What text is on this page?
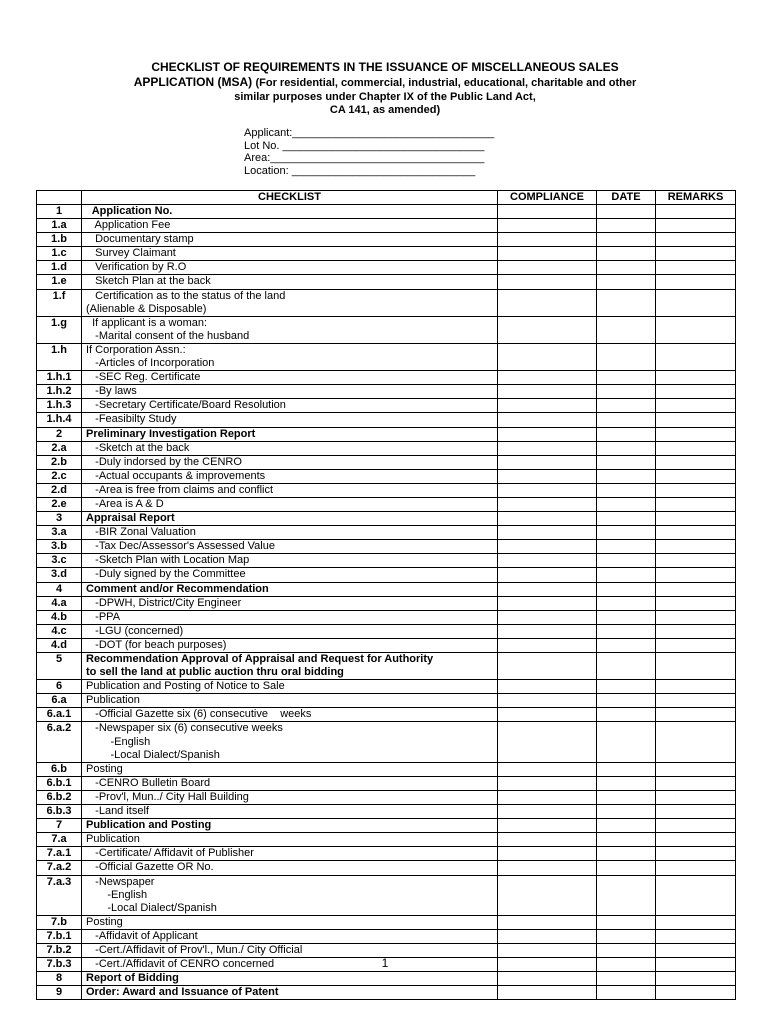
CHECKLIST OF REQUIREMENTS IN THE ISSUANCE OF MISCELLANEOUS SALES
APPLICATION (MSA) (For residential, commercial, industrial, educational, charitable and other
similar purposes under Chapter IX of the Public Land Act,
CA 141, as amended)
Applicant:_________________________________
Lot No. _________________________________
Area:___________________________________
Location: ______________________________
	CHECKLIST	COMPLIANCE	DATE	REMARKS

1	Application No.			

1.a	Application Fee			

1.b	Documentary stamp			

1.c	Survey Claimant			

1.d	Verification by R.O			

1.e	Sketch Plan at the back			

1.f	Certification as to the status of the land
(Alienable & Disposable)			

1.g	If applicant is a woman:
-Marital consent of the husband			

1.h	If Corporation Assn.:
-Articles of Incorporation			

1.h.1	-SEC Reg. Certificate			

1.h.2	-By laws			

1.h.3	-Secretary Certificate/Board Resolution			

1.h.4	-Feasibilty Study			

2	Preliminary Investigation Report			

2.a	-Sketch at the back			

2.b	-Duly indorsed by the CENRO			

2.c	-Actual occupants & improvements			

2.d	-Area is free from claims and conflict			

2.e	-Area is A & D			

3	Appraisal Report			

3.a	-BIR Zonal Valuation			

3.b	-Tax Dec/Assessor's Assessed Value			

3.c	-Sketch Plan with Location Map			

3.d	-Duly signed by the Committee			

4	Comment and/or Recommendation			

4.a	-DPWH, District/City Engineer			

4.b	-PPA			

4.c	-LGU (concerned)			

4.d	-DOT (for beach purposes)			

5	Recommendation Approval of Appraisal and Request for Authority
to sell the land at public auction thru oral bidding			

6	Publication and Posting of Notice to Sale			

6.a	Publication			

6.a.1	-Official Gazette six (6) consecutive    weeks			

6.a.2	-Newspaper six (6) consecutive weeks
-English
-Local Dialect/Spanish			

6.b	Posting			

6.b.1	-CENRO Bulletin Board			

6.b.2	-Prov'l, Mun../ City Hall Building			

6.b.3	-Land itself			

7	Publication and Posting			

7.a	Publication			

7.a.1	-Certificate/ Affidavit of Publisher			

7.a.2	-Official Gazette OR No.			

7.a.3	-Newspaper
-English
-Local Dialect/Spanish			

7.b	Posting			

7.b.1	-Affidavit of Applicant			

7.b.2	-Cert./Affidavit of Prov'l., Mun./ City Official			

7.b.3	-Cert./Affidavit of CENRO concerned			

8	Report of Bidding			

9	Order: Award and Issuance of Patent			

1
